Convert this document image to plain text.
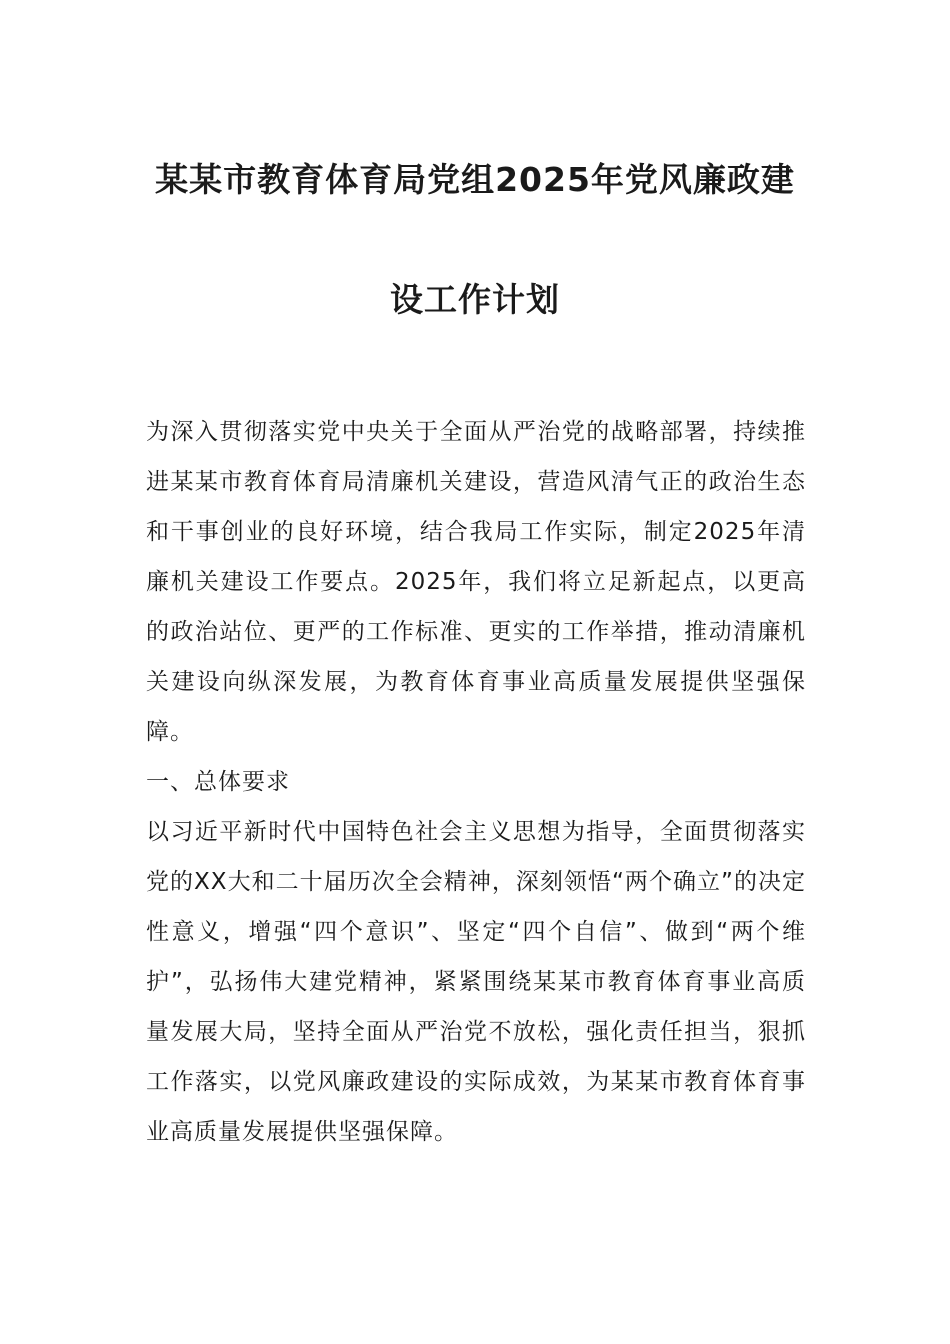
某某市教育体育局党组2025年党风廉政建
设工作计划

为深入贯彻落实党中央关于全面从严治党的战略部署，持续推进某某市教育体育局清廉机关建设，营造风清气正的政治生态和干事创业的良好环境，结合我局工作实际，制定2025年清廉机关建设工作要点。2025年，我们将立足新起点，以更高的政治站位、更严的工作标准、更实的工作举措，推动清廉机关建设向纵深发展，为教育体育事业高质量发展提供坚强保障。

一、总体要求

以习近平新时代中国特色社会主义思想为指导，全面贯彻落实党的XX大和二十届历次全会精神，深刻领悟“两个确立”的决定性意义，增强“四个意识”、坚定“四个自信”、做到“两个维护”，弘扬伟大建党精神，紧紧围绕某某市教育体育事业高质量发展大局，坚持全面从严治党不放松，强化责任担当，狠抓工作落实，以党风廉政建设的实际成效，为某某市教育体育事业高质量发展提供坚强保障。
